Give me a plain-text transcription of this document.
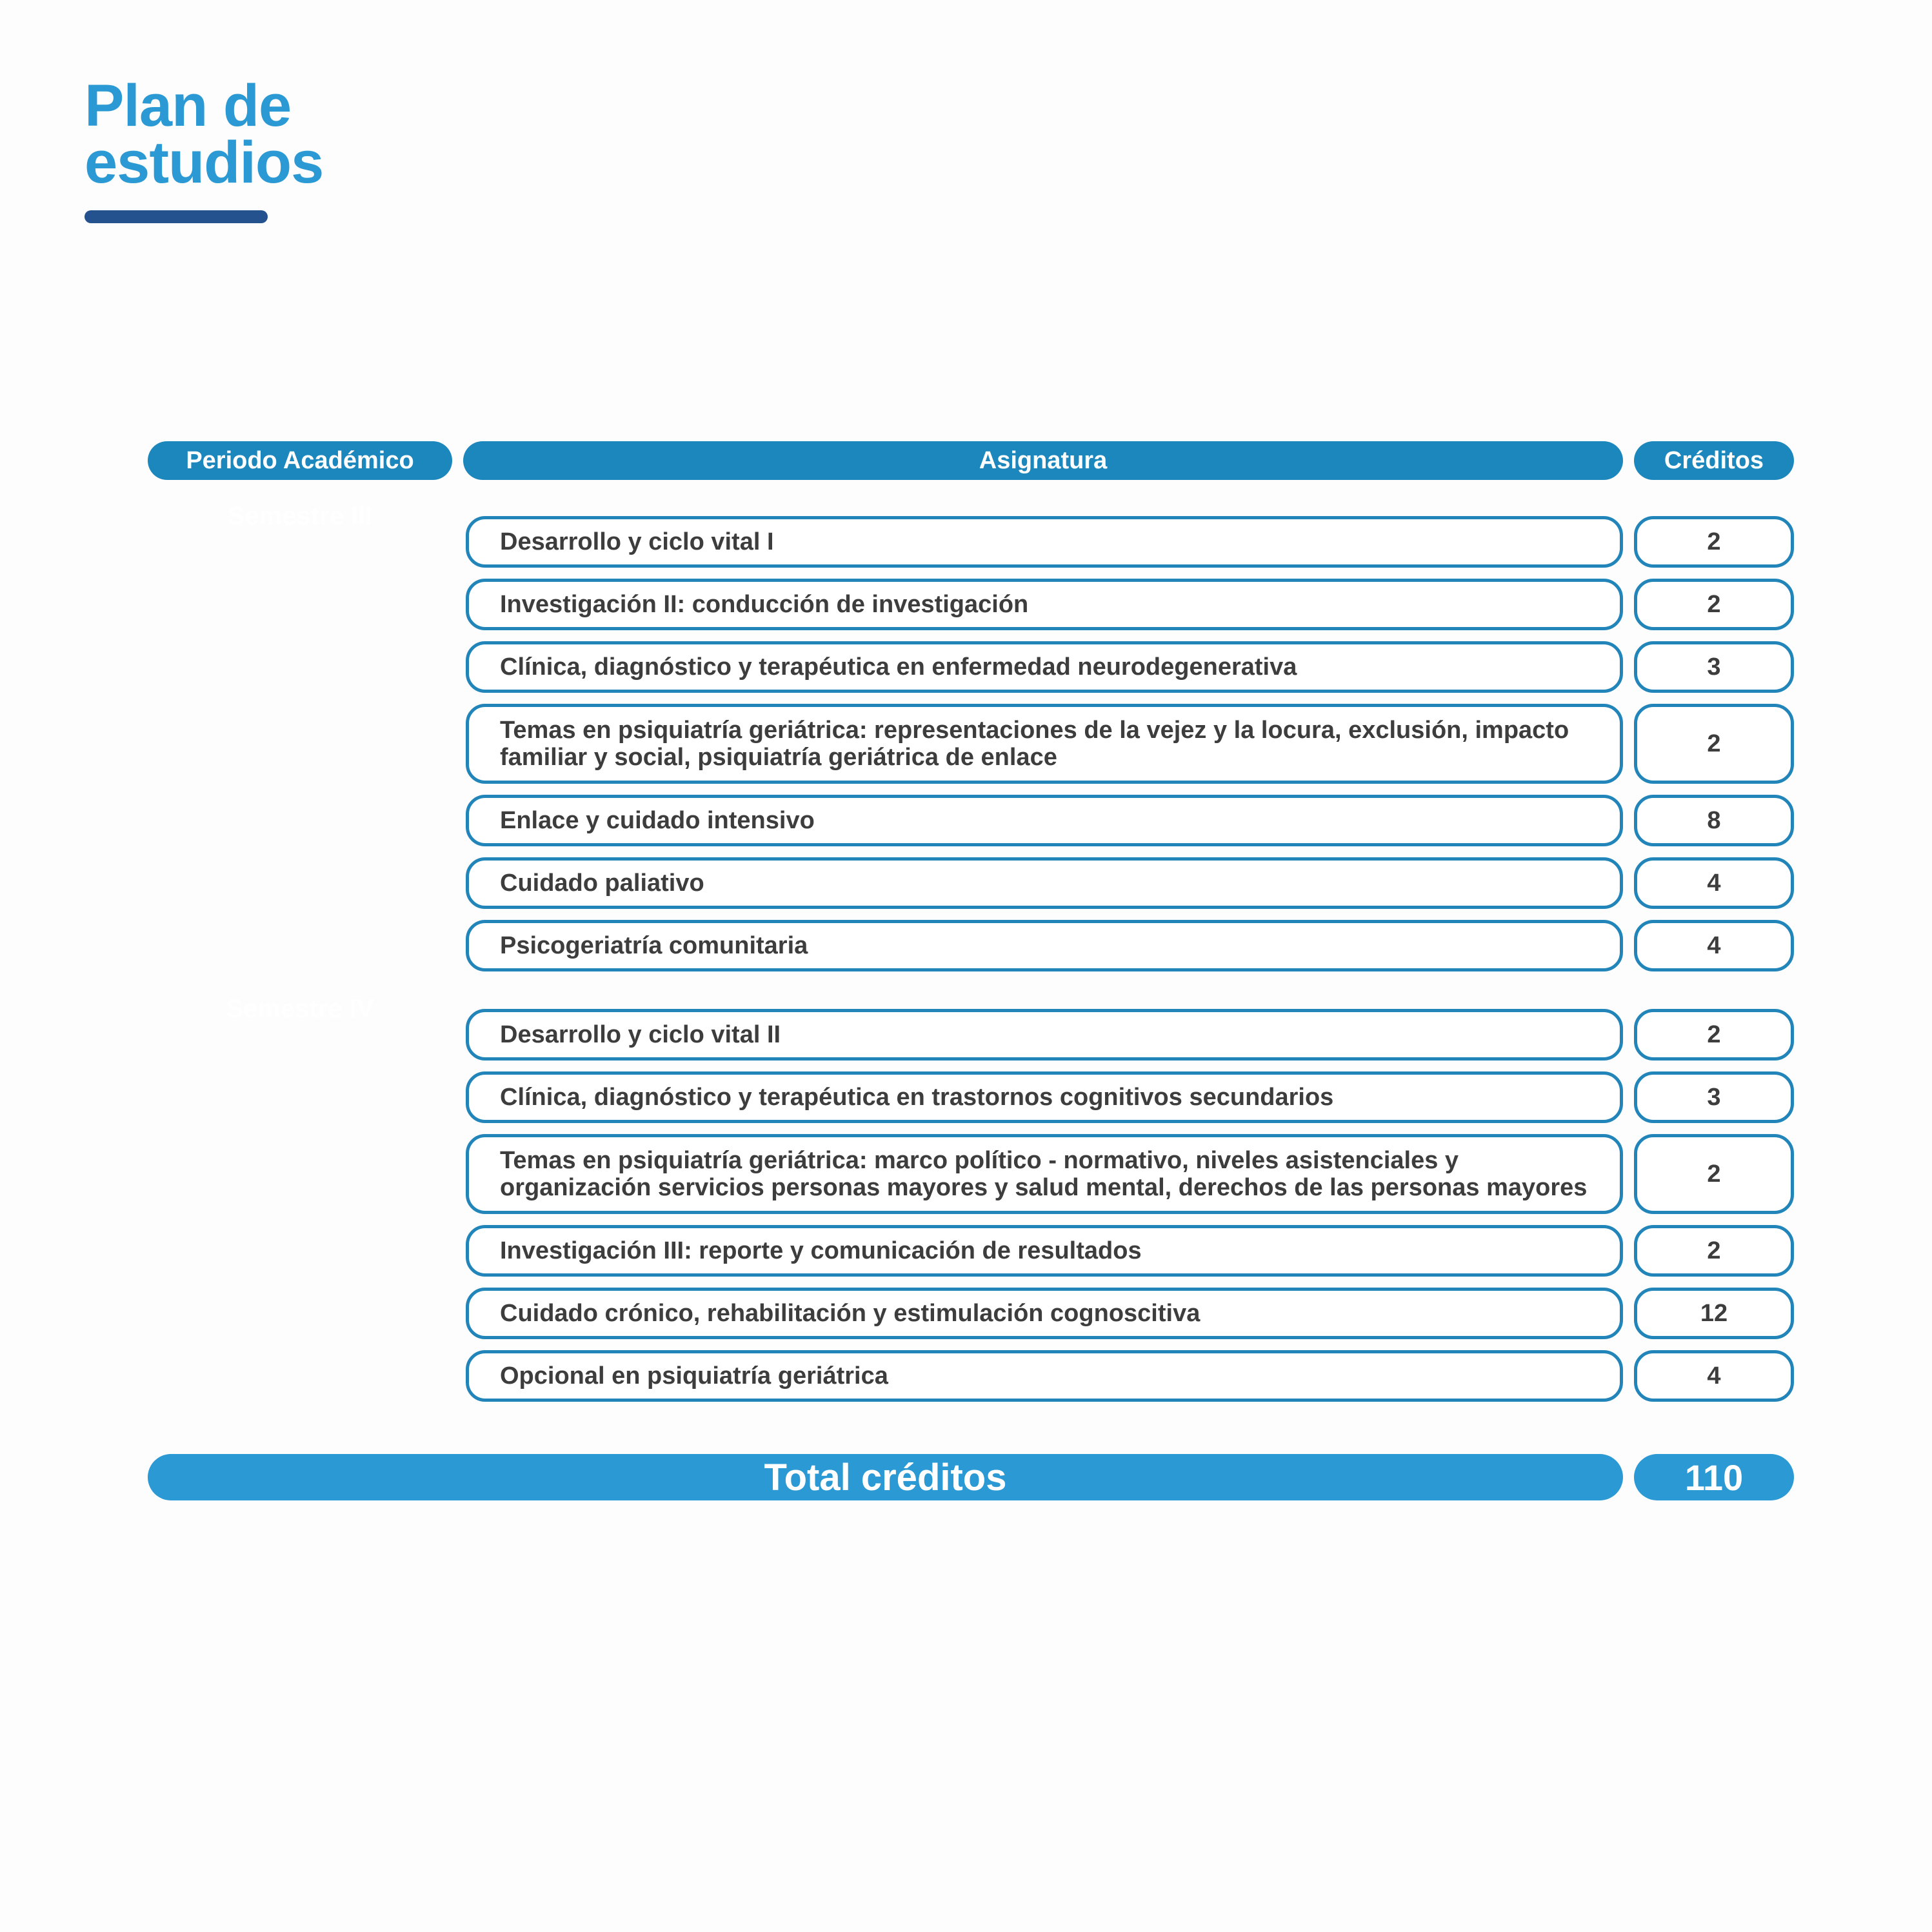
Plan de
estudios
Periodo Académico	Asignatura	Créditos
Semestre III
Desarrollo y ciclo vital I	2
Investigación II: conducción de investigación	2
Clínica, diagnóstico y terapéutica en enfermedad neurodegenerativa	3
Temas en psiquiatría geriátrica: representaciones de la vejez y la locura, exclusión, impacto familiar y social, psiquiatría geriátrica de enlace
2
Enlace y cuidado intensivo	8
Cuidado paliativo	4
Psicogeriatría comunitaria	4
Semestre IV
Desarrollo y ciclo vital II	2
Clínica, diagnóstico y terapéutica en trastornos cognitivos secundarios	3
Temas en psiquiatría geriátrica: marco político - normativo, niveles asistenciales y organización servicios personas mayores y salud mental, derechos de las personas mayores
2
Investigación III: reporte y comunicación de resultados	2
Cuidado crónico, rehabilitación y estimulación cognoscitiva	12
Opcional en psiquiatría geriátrica	4
Total créditos	110
